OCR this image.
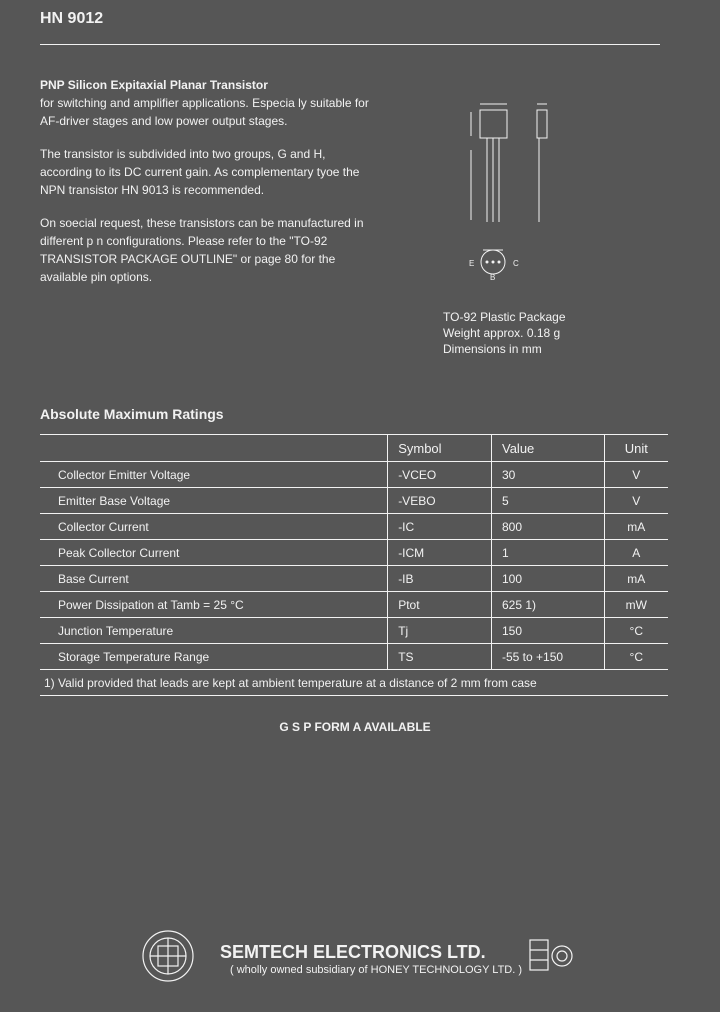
HN 9012

PNP Silicon Expitaxial Planar Transistor
for switching and amplifier applications. Especia ly suitable for AF-driver stages and low power output stages.

The transistor is subdivided into two groups, G and H, according to its DC current gain. As complementary tyoe the NPN transistor HN 9013 is recommended.

On soecial request, these transistors can be manufactured in different p n configurations. Please refer to the "TO-92 TRANSISTOR PACKAGE OUTLINE" or page 80 for the available pin options.

E	C
B
TO-92 Plastic Package
Weight approx. 0.18 g
Dimensions in mm
Absolute Maximum Ratings
	Symbol	Value	Unit
Collector Emitter Voltage	-VCEO	30	V
Emitter Base Voltage	-VEBO	5	V
Collector Current	-IC	800	mA
Peak Collector Current	-ICM	1	A
Base Current	-IB	100	mA
Power Dissipation at Tamb = 25 °C	Ptot	625 1)	mW
Junction Temperature	Tj	150	°C
Storage Temperature Range	TS	-55 to +150	°C
1) Valid provided that leads are kept at ambient temperature at a distance of 2 mm from case			
G S P FORM A AVAILABLE
SEMTECH ELECTRONICS LTD.
( wholly owned subsidiary of HONEY TECHNOLOGY LTD. )
